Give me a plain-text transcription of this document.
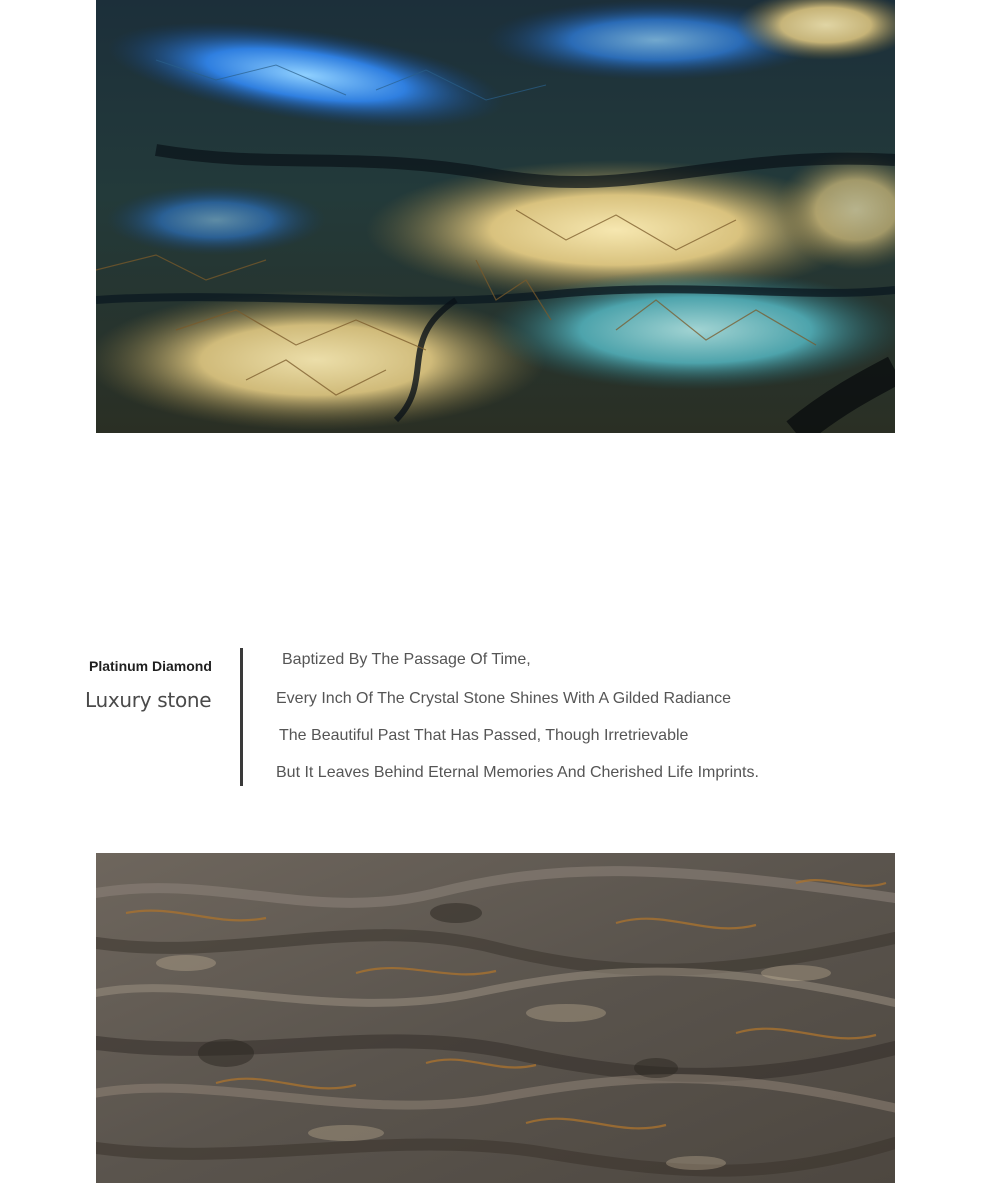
Platinum Diamond
Luxury stone
Baptized By The Passage Of Time,
Every Inch Of The Crystal Stone Shines With A Gilded Radiance
The Beautiful Past That Has Passed, Though Irretrievable
But It Leaves Behind Eternal Memories And Cherished Life Imprints.
